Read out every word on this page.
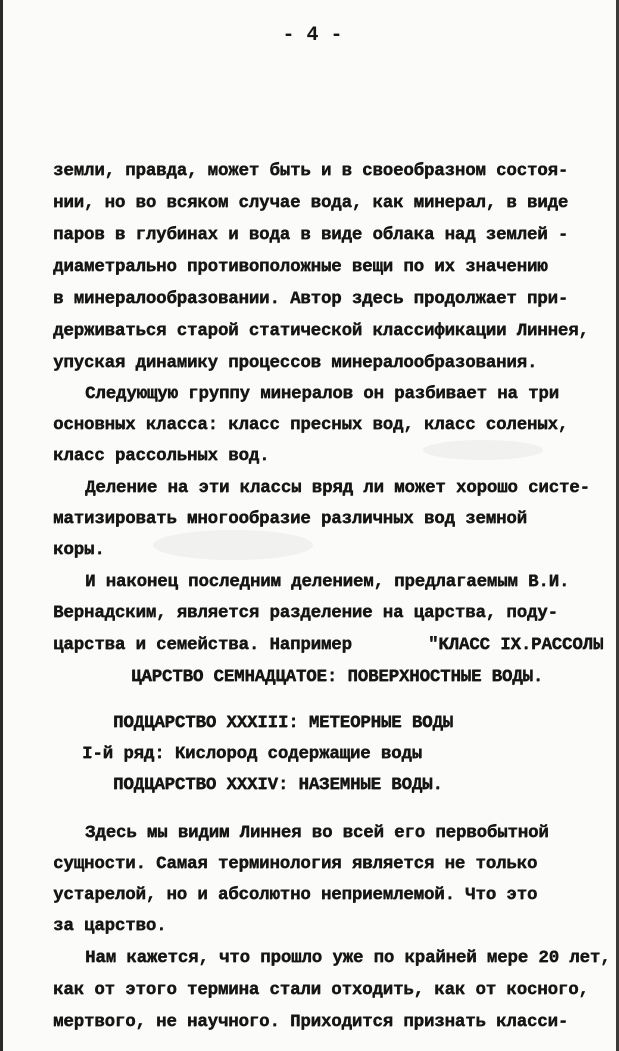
- 4 -
земли, правда, может быть и в своеобразном состоя-
нии, но во всяком случае вода, как минерал, в виде
паров в глубинах и вода в виде облака над землей -
диаметрально противоположные вещи по их значению
в минералообразовании. Автор здесь продолжает при-
держиваться старой статической классификации Линнея,
упуская динамику процессов минералообразования.
Следующую группу минералов он разбивает на три
основных класса: класс пресных вод, класс соленых,
класс рассольных вод.
Деление на эти классы вряд ли может хорошо систе-
матизировать многообразие различных вод земной
коры.
И наконец последним делением, предлагаемым В.И.
Вернадским, является разделение на царства, поду-
царства и семейства. Например	"КЛАСС IX.РАССОЛЫ
ЦАРСТВО СЕМНАДЦАТОЕ: ПОВЕРХНОСТНЫЕ ВОДЫ.
ПОДЦАРСТВО XXXIII: МЕТЕОРНЫЕ ВОДЫ
I-й ряд: Кислород содержащие воды
ПОДЦАРСТВО XXXIV: НАЗЕМНЫЕ ВОДЫ.
Здесь мы видим Линнея во всей его первобытной
сущности. Самая терминология является не только
устарелой, но и абсолютно неприемлемой. Что это
за царство.
Нам кажется, что прошло уже по крайней мере 20 лет,
как от этого термина стали отходить, как от косного,
мертвого, не научного. Приходится признать класси-
